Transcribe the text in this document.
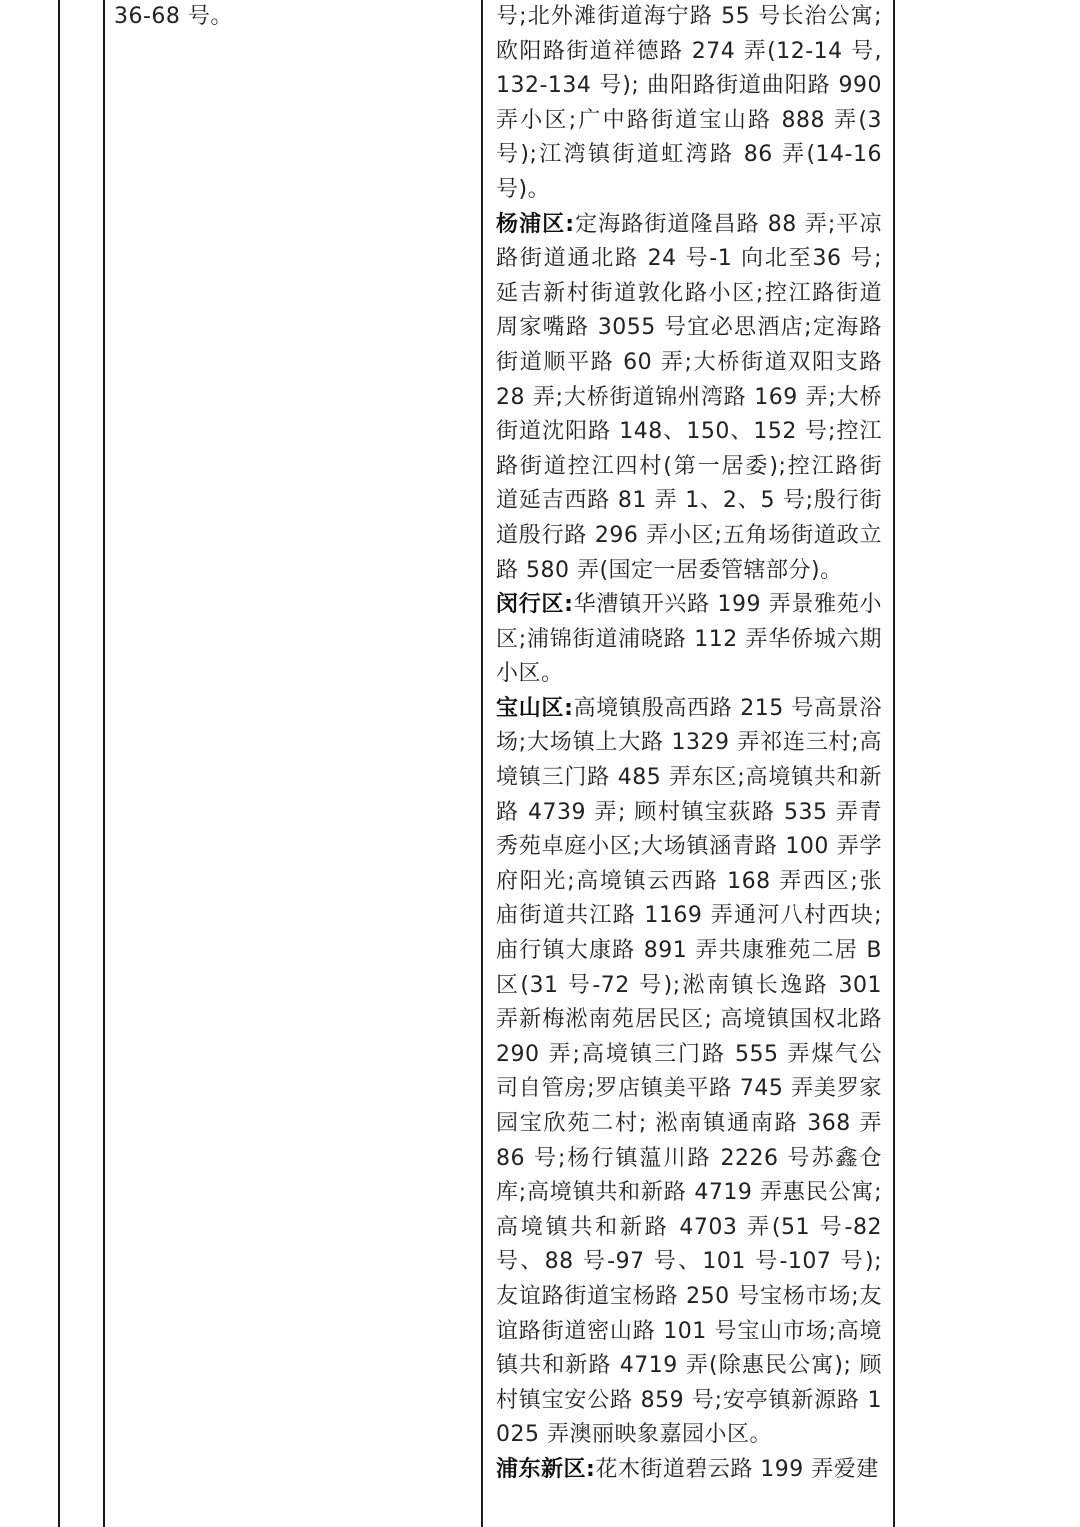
36-68 号。	号;北外滩街道海宁路 55 号长治公寓;欧阳路街道祥德路 274 弄(12-14 号,132-134 号); 曲阳路街道曲阳路 990 弄小区;广中路街道宝山路 888 弄(3 号);江湾镇街道虹湾路 86 弄(14-16 号)。

杨浦区:定海路街道隆昌路 88 弄;平凉路街道通北路 24 号-1 向北至36 号;延吉新村街道敦化路小区;控江路街道周家嘴路 3055 号宜必思酒店;定海路街道顺平路 60 弄;大桥街道双阳支路 28 弄;大桥街道锦州湾路 169 弄;大桥街道沈阳路 148、150、152 号;控江路街道控江四村(第一居委);控江路街道延吉西路 81 弄 1、2、5 号;殷行街道殷行路 296 弄小区;五角场街道政立路 580 弄(国定一居委管辖部分)。

闵行区:华漕镇开兴路 199 弄景雅苑小区;浦锦街道浦晓路 112 弄华侨城六期小区。

宝山区:高境镇殷高西路 215 号高景浴场;大场镇上大路 1329 弄祁连三村;高境镇三门路 485 弄东区;高境镇共和新路 4739 弄; 顾村镇宝荻路 535 弄青秀苑卓庭小区;大场镇涵青路 100 弄学府阳光;高境镇云西路 168 弄西区;张庙街道共江路 1169 弄通河八村西块; 庙行镇大康路 891 弄共康雅苑二居 B 区(31 号-72 号);淞南镇长逸路 301 弄新梅淞南苑居民区; 高境镇国权北路 290 弄;高境镇三门路 555 弄煤气公司自管房;罗店镇美平路 745 弄美罗家园宝欣苑二村; 淞南镇通南路 368 弄 86 号;杨行镇蕰川路 2226 号苏鑫仓库;高境镇共和新路 4719 弄惠民公寓; 高境镇共和新路 4703 弄(51 号-82 号、88 号-97 号、101 号-107 号);友谊路街道宝杨路 250 号宝杨市场;友谊路街道密山路 101 号宝山市场;高境镇共和新路 4719 弄(除惠民公寓); 顾村镇宝安公路 859 号;安亭镇新源路 1025 弄澳丽映象嘉园小区。

浦东新区:花木街道碧云路 199 弄爱建
